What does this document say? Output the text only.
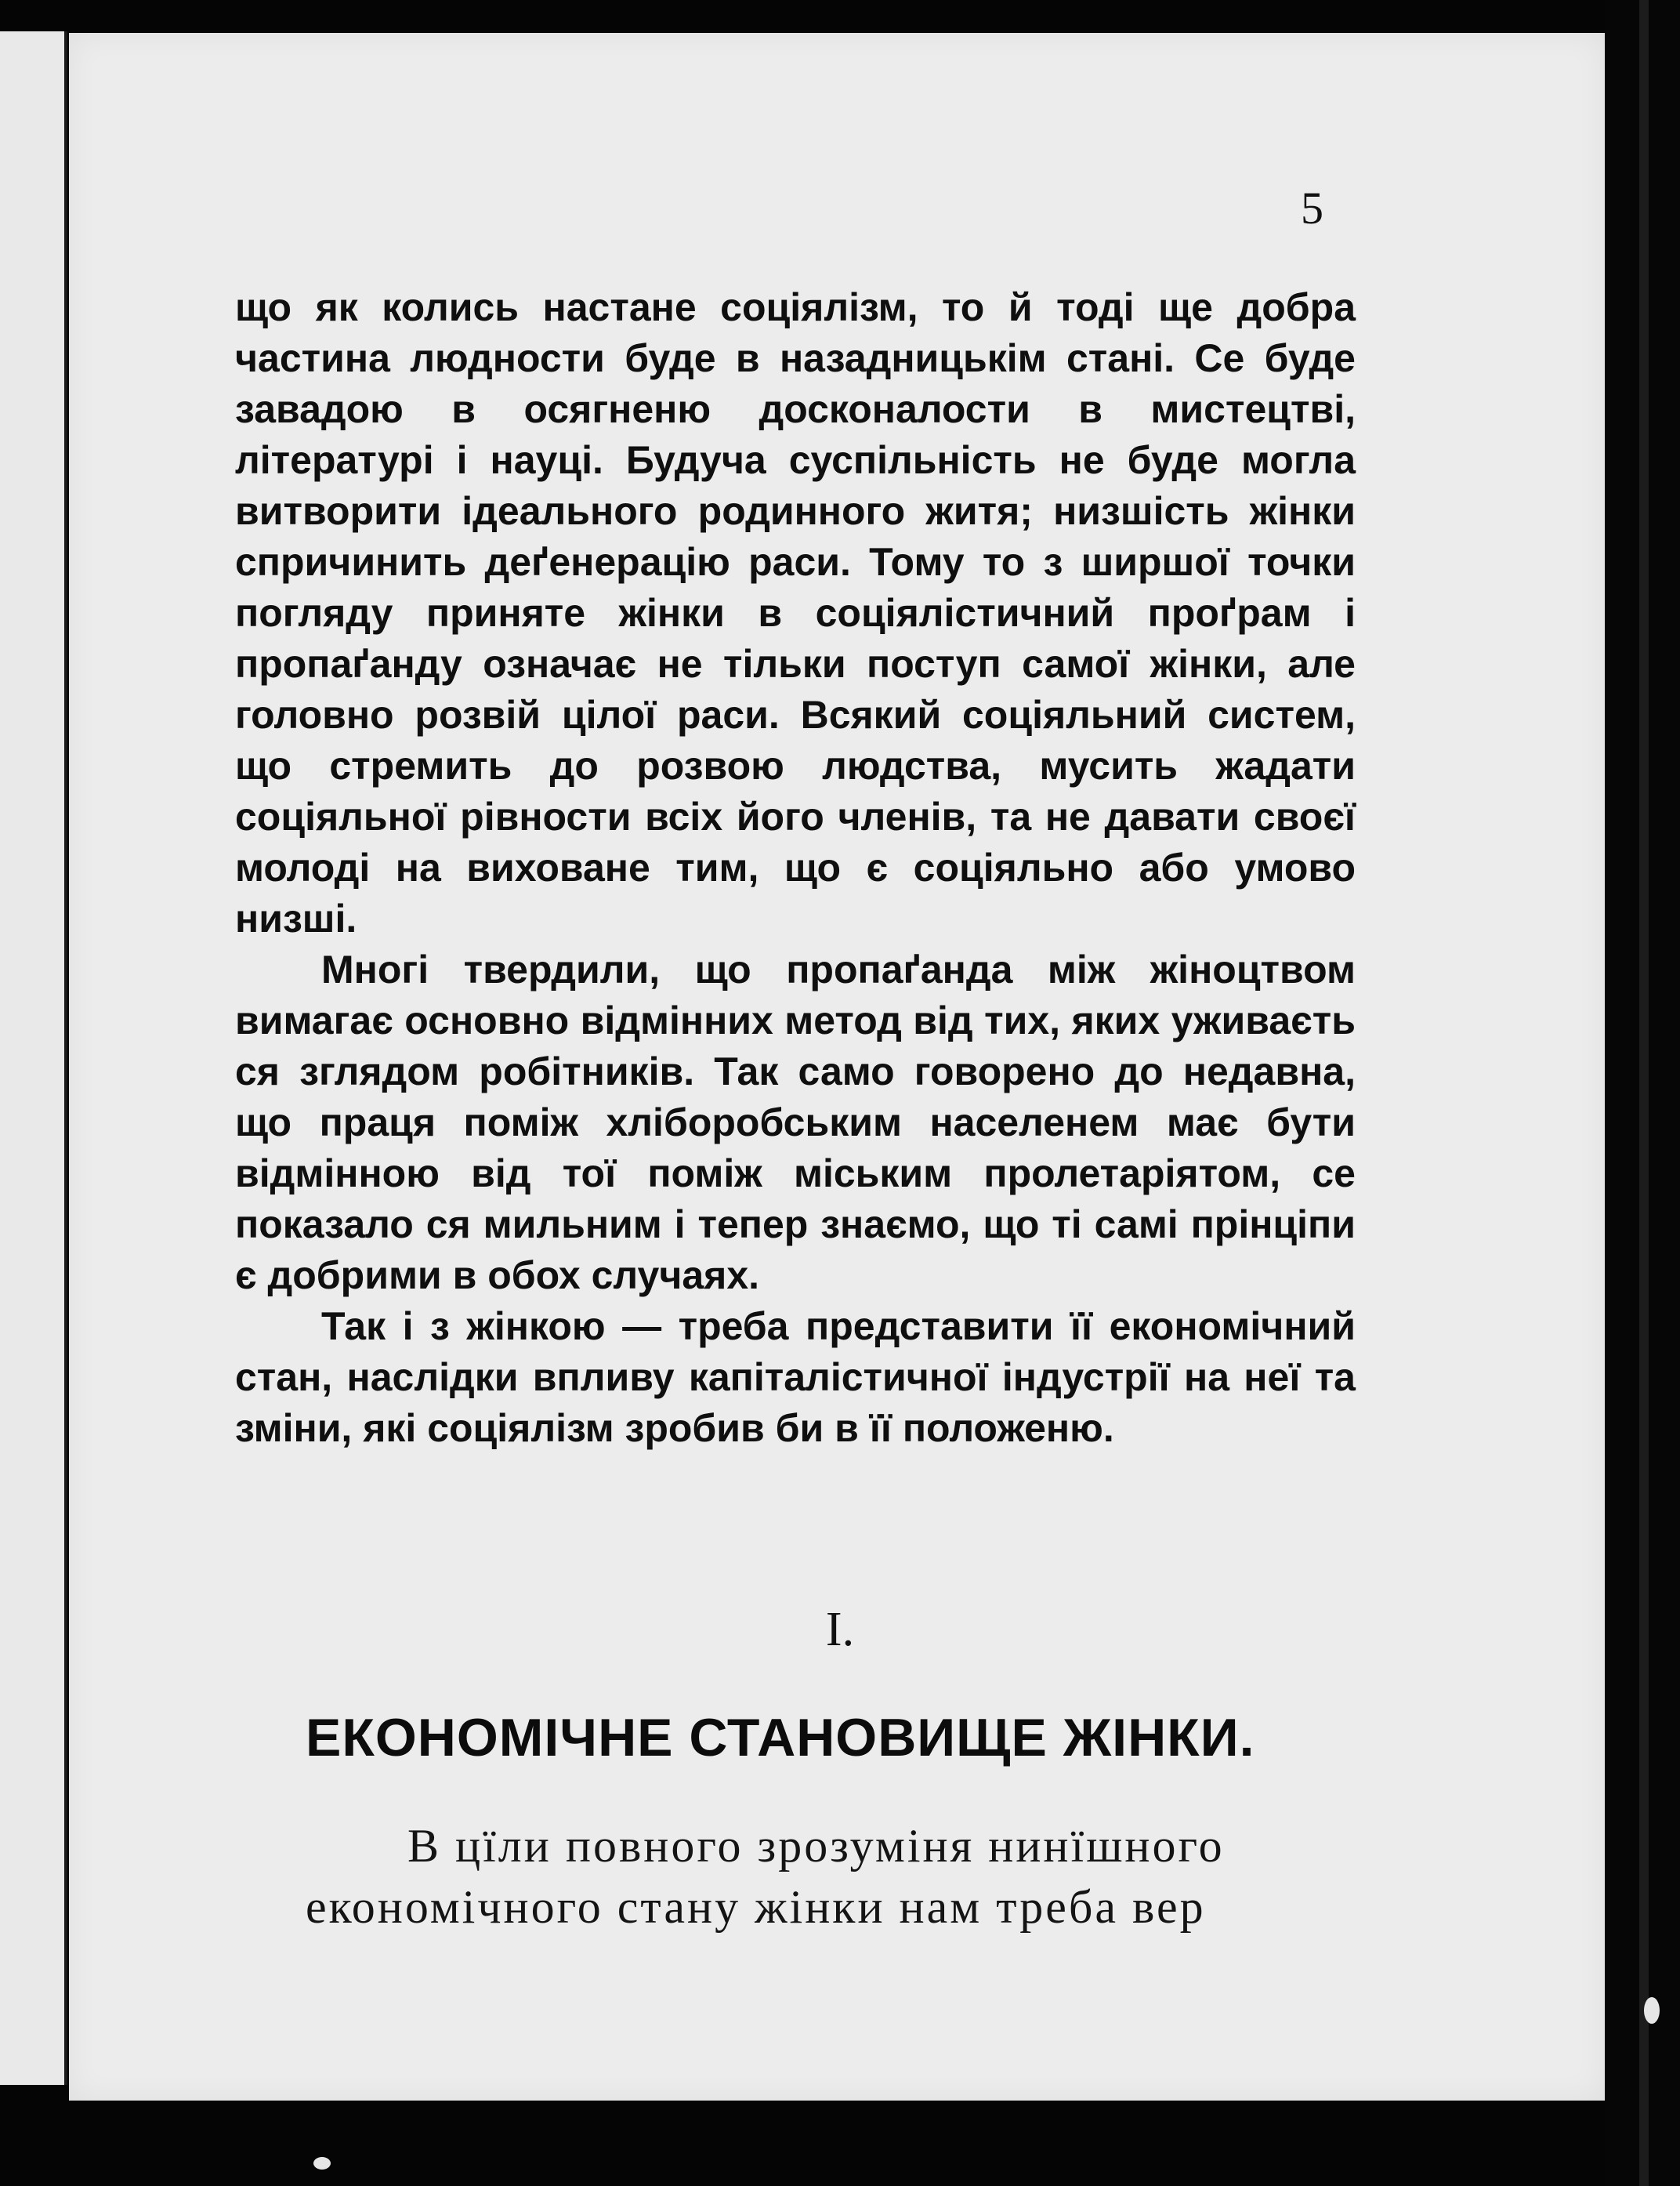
5

що як колись настане соціялізм, то й тоді ще добра частина людности буде в назадницькім стані. Се буде завадою в осягненю досконалости в мистецтві, літературі і науці. Будуча суспільність не буде могла витворити ідеального родинного житя; низшість жінки спричинить деґенерацію раси. Тому то з ширшої точки погляду приняте жінки в соціялістичний проґрам і пропаґанду означає не тільки поступ самої жінки, але головно розвій цілої раси. Всякий соціяльний систем, що стремить до розвою людства, мусить жадати соціяльної рівности всіх його членів, та не давати своєї молоді на виховане тим, що є соціяльно або умово низші.

Многі твердили, що пропаґанда між жіноцтвом вимагає основно відмінних метод від тих, яких уживаєть ся зглядом робітників. Так само говорено до недавна, що праця поміж хліборобським населенем має бути відмінною від тої поміж міським пролетаріятом, се показало ся мильним і тепер знаємо, що ті самі прінціпи є добрими в обох случаях.

Так і з жінкою — треба представити її економічний стан, наслідки впливу капіталістичної індустрії на неї та зміни, які соціялізм зробив би в її положеню.

I.
ЕКОНОМІЧНЕ СТАНОВИЩЕ ЖІНКИ.
В цїли повного зрозуміня нинїшного
економічного стану жінки нам треба вер
